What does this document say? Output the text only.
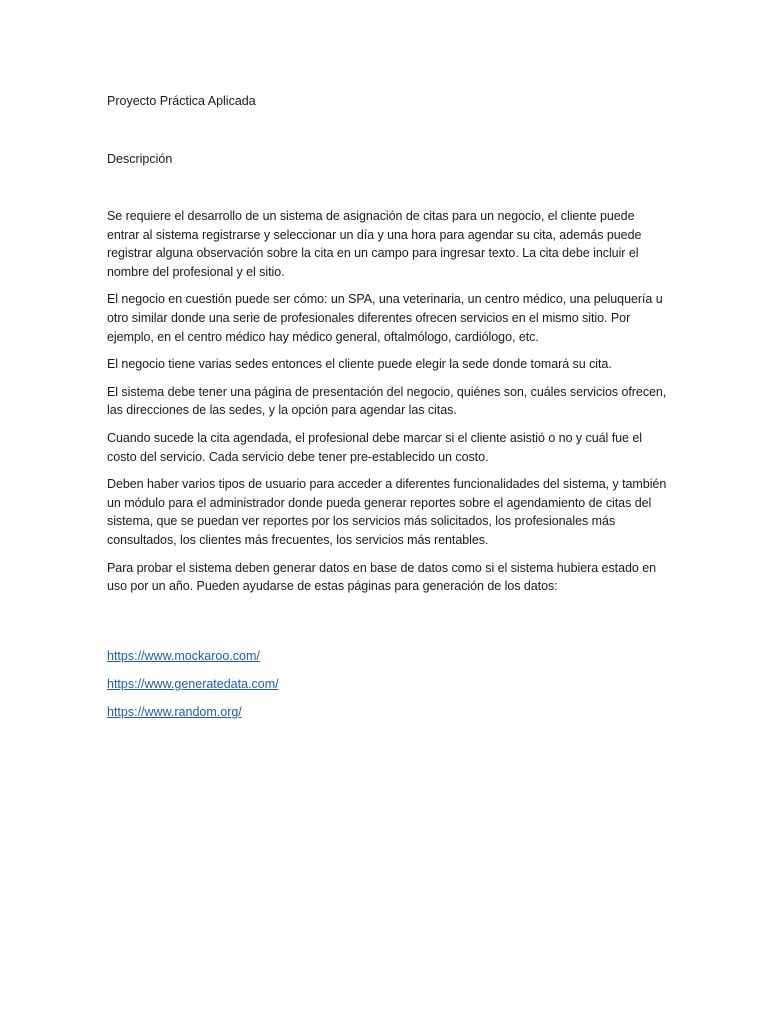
Proyecto Práctica Aplicada
Descripción

Se requiere el desarrollo de un sistema de asignación de citas para un negocio, el cliente puede entrar al sistema registrarse y seleccionar un día y una hora para agendar su cita, además puede registrar alguna observación sobre la cita en un campo para ingresar texto. La cita debe incluir el nombre del profesional y el sitio.

El negocio en cuestión puede ser cómo: un SPA, una veterinaria, un centro médico, una peluquería u otro similar donde una serie de profesionales diferentes ofrecen servicios en el mismo sitio. Por ejemplo, en el centro médico hay médico general, oftalmólogo, cardiólogo, etc.

El negocio tiene varias sedes entonces el cliente puede elegir la sede donde tomará su cita.

El sistema debe tener una página de presentación del negocio, quiénes son, cuáles servicios ofrecen, las direcciones de las sedes, y la opción para agendar las citas.

Cuando sucede la cita agendada, el profesional debe marcar si el cliente asistió o no y cuál fue el costo del servicio. Cada servicio debe tener pre-establecido un costo.

Deben haber varios tipos de usuario para acceder a diferentes funcionalidades del sistema, y también un módulo para el administrador donde pueda generar reportes sobre el agendamiento de citas del sistema, que se puedan ver reportes por los servicios más solicitados, los profesionales más consultados, los clientes más frecuentes, los servicios más rentables.

Para probar el sistema deben generar datos en base de datos como si el sistema hubiera estado en uso por un año. Pueden ayudarse de estas páginas para generación de los datos:

https://www.mockaroo.com/
https://www.generatedata.com/
https://www.random.org/
